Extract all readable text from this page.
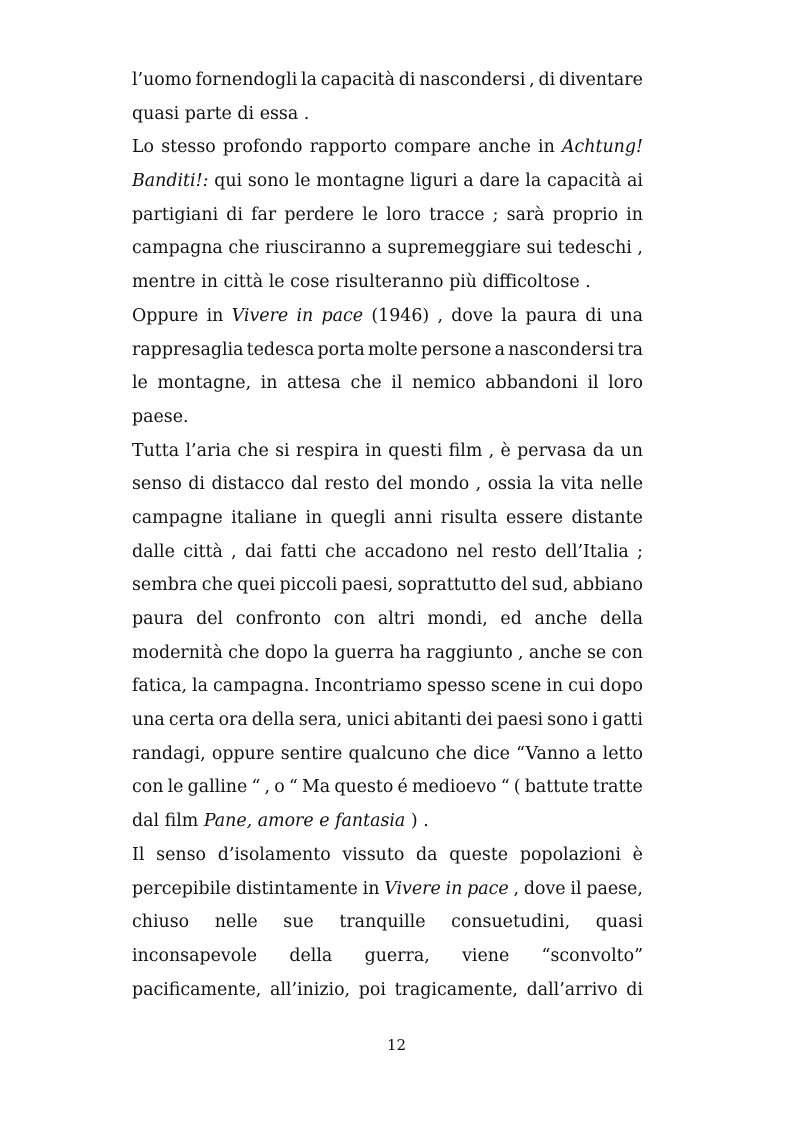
l’uomo fornendogli la capacità di nascondersi , di diventare
quasi parte di essa .
Lo stesso profondo rapporto compare anche in Achtung!
Banditi!: qui sono le montagne liguri a dare la capacità ai
partigiani di far perdere le loro tracce ; sarà proprio in
campagna che riusciranno a supremeggiare sui tedeschi ,
mentre in città le cose risulteranno più difficoltose .
Oppure in Vivere in pace (1946) , dove la paura di una
rappresaglia tedesca porta molte persone a nascondersi tra
le montagne, in attesa che il nemico abbandoni il loro
paese.
Tutta l’aria che si respira in questi film , è pervasa da un
senso di distacco dal resto del mondo , ossia la vita nelle
campagne italiane in quegli anni risulta essere distante
dalle città , dai fatti che accadono nel resto dell’Italia ;
sembra che quei piccoli paesi, soprattutto del sud, abbiano
paura del confronto con altri mondi, ed anche della
modernità che dopo la guerra ha raggiunto , anche se con
fatica, la campagna. Incontriamo spesso scene in cui dopo
una certa ora della sera, unici abitanti dei paesi sono i gatti
randagi, oppure sentire qualcuno che dice “Vanno a letto
con le galline “ , o “ Ma questo é medioevo “ ( battute tratte
dal film Pane, amore e fantasia ) .
Il senso d’isolamento vissuto da queste popolazioni è
percepibile distintamente in Vivere in pace , dove il paese,
chiuso nelle sue tranquille consuetudini, quasi
inconsapevole della guerra, viene “sconvolto”
pacificamente, all’inizio, poi tragicamente, dall’arrivo di
12
